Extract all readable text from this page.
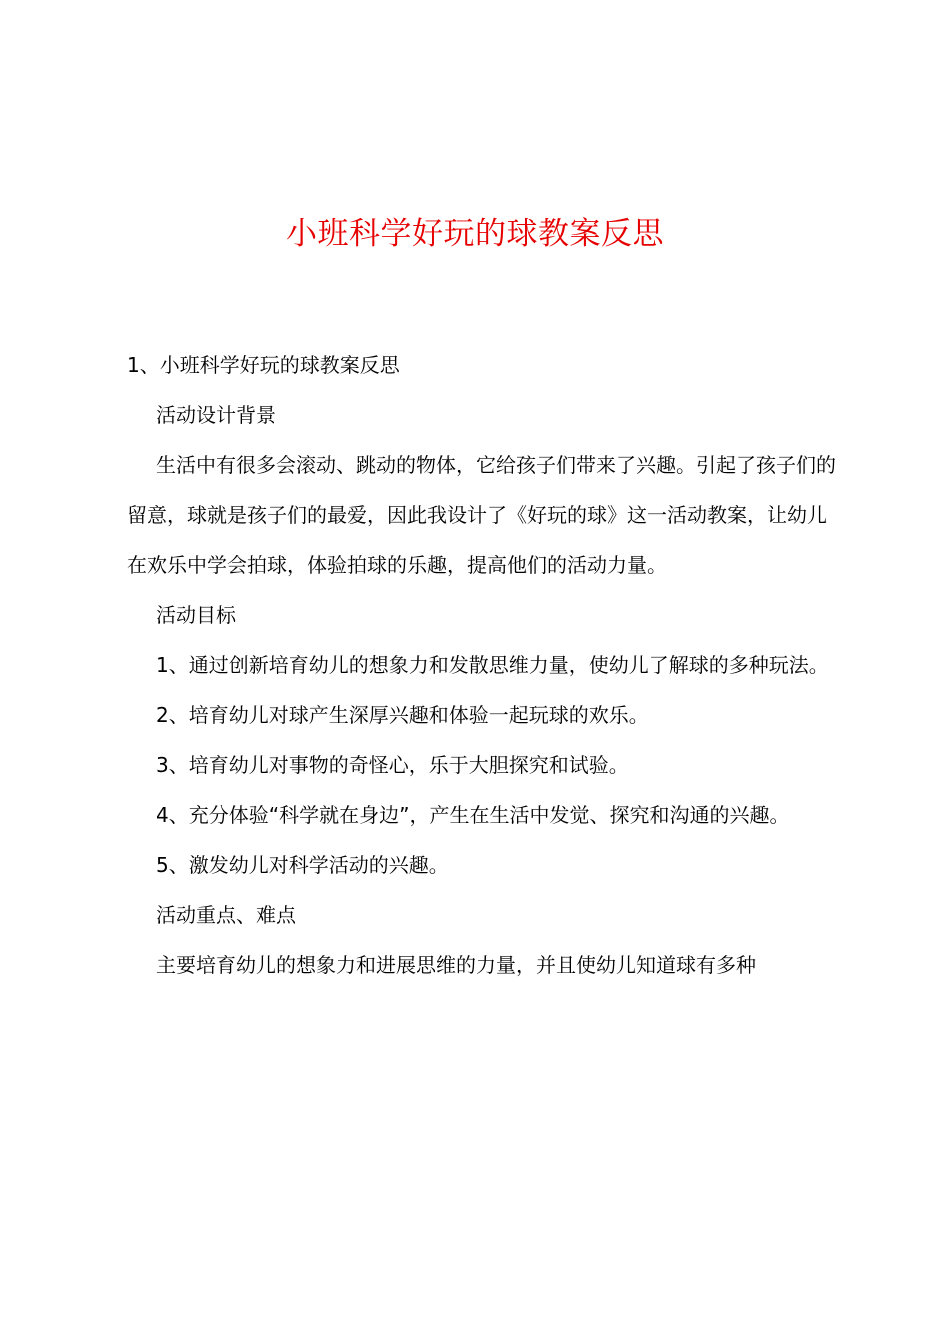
小班科学好玩的球教案反思

1、小班科学好玩的球教案反思

活动设计背景

生活中有很多会滚动、跳动的物体，它给孩子们带来了兴趣。引起了孩子们的留意，球就是孩子们的最爱，因此我设计了《好玩的球》这一活动教案，让幼儿在欢乐中学会拍球，体验拍球的乐趣，提高他们的活动力量。

活动目标

1、通过创新培育幼儿的想象力和发散思维力量，使幼儿了解球的多种玩法。

2、培育幼儿对球产生深厚兴趣和体验一起玩球的欢乐。

3、培育幼儿对事物的奇怪心，乐于大胆探究和试验。

4、充分体验“科学就在身边”，产生在生活中发觉、探究和沟通的兴趣。

5、激发幼儿对科学活动的兴趣。

活动重点、难点

主要培育幼儿的想象力和进展思维的力量，并且使幼儿知道球有多种
